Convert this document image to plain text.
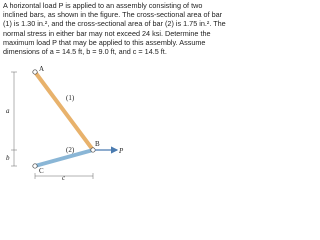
A horizontal load P is applied to an assembly consisting of two
inclined bars, as shown in the figure. The cross-sectional area of bar
(1) is 1.30 in.², and the cross-sectional area of bar (2) is 1.75 in.². The
normal stress in either bar may not exceed 24 ksi. Determine the
maximum load P that may be applied to this assembly. Assume
dimensions of a = 14.5 ft, b = 9.0 ft, and c = 14.5 ft.
A
(1)
B
P
(2)
C
a
b
c
